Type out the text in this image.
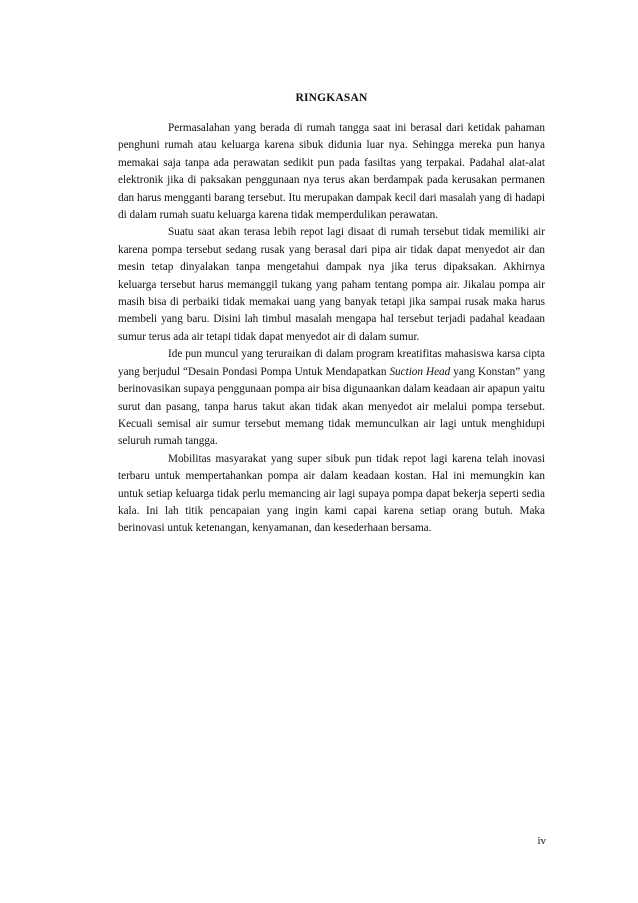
RINGKASAN

Permasalahan yang berada di rumah tangga saat ini berasal dari ketidak pahaman penghuni rumah atau keluarga karena sibuk didunia luar nya. Sehingga mereka pun hanya memakai saja tanpa ada perawatan sedikit pun pada fasiltas yang terpakai. Padahal alat-alat elektronik jika di paksakan penggunaan nya terus akan berdampak pada kerusakan permanen dan harus mengganti barang tersebut. Itu merupakan dampak kecil dari masalah yang di hadapi di dalam rumah suatu keluarga karena tidak memperdulikan perawatan.

Suatu saat akan terasa lebih repot lagi disaat di rumah tersebut tidak memiliki air karena pompa tersebut sedang rusak yang berasal dari pipa air tidak dapat menyedot air dan mesin tetap dinyalakan tanpa mengetahui dampak nya jika terus dipaksakan. Akhirnya keluarga tersebut harus memanggil tukang yang paham tentang pompa air. Jikalau pompa air masih bisa di perbaiki tidak memakai uang yang banyak tetapi jika sampai rusak maka harus membeli yang baru. Disini lah timbul masalah mengapa hal tersebut terjadi padahal keadaan sumur terus ada air tetapi tidak dapat menyedot air di dalam sumur.

Ide pun muncul yang teruraikan di dalam program kreatifitas mahasiswa karsa cipta yang berjudul “Desain Pondasi Pompa Untuk Mendapatkan Suction Head yang Konstan” yang berinovasikan supaya penggunaan pompa air bisa digunaankan dalam keadaan air apapun yaitu surut dan pasang, tanpa harus takut akan tidak akan menyedot air melalui pompa tersebut. Kecuali semisal air sumur tersebut memang tidak memunculkan air lagi untuk menghidupi seluruh rumah tangga.

Mobilitas masyarakat yang super sibuk pun tidak repot lagi karena telah inovasi terbaru untuk mempertahankan pompa air dalam keadaan kostan. Hal ini memungkin kan untuk setiap keluarga tidak perlu memancing air lagi supaya pompa dapat bekerja seperti sedia kala. Ini lah titik pencapaian yang ingin kami capai karena setiap orang butuh. Maka berinovasi untuk ketenangan, kenyamanan, dan kesederhaan bersama.

iv
